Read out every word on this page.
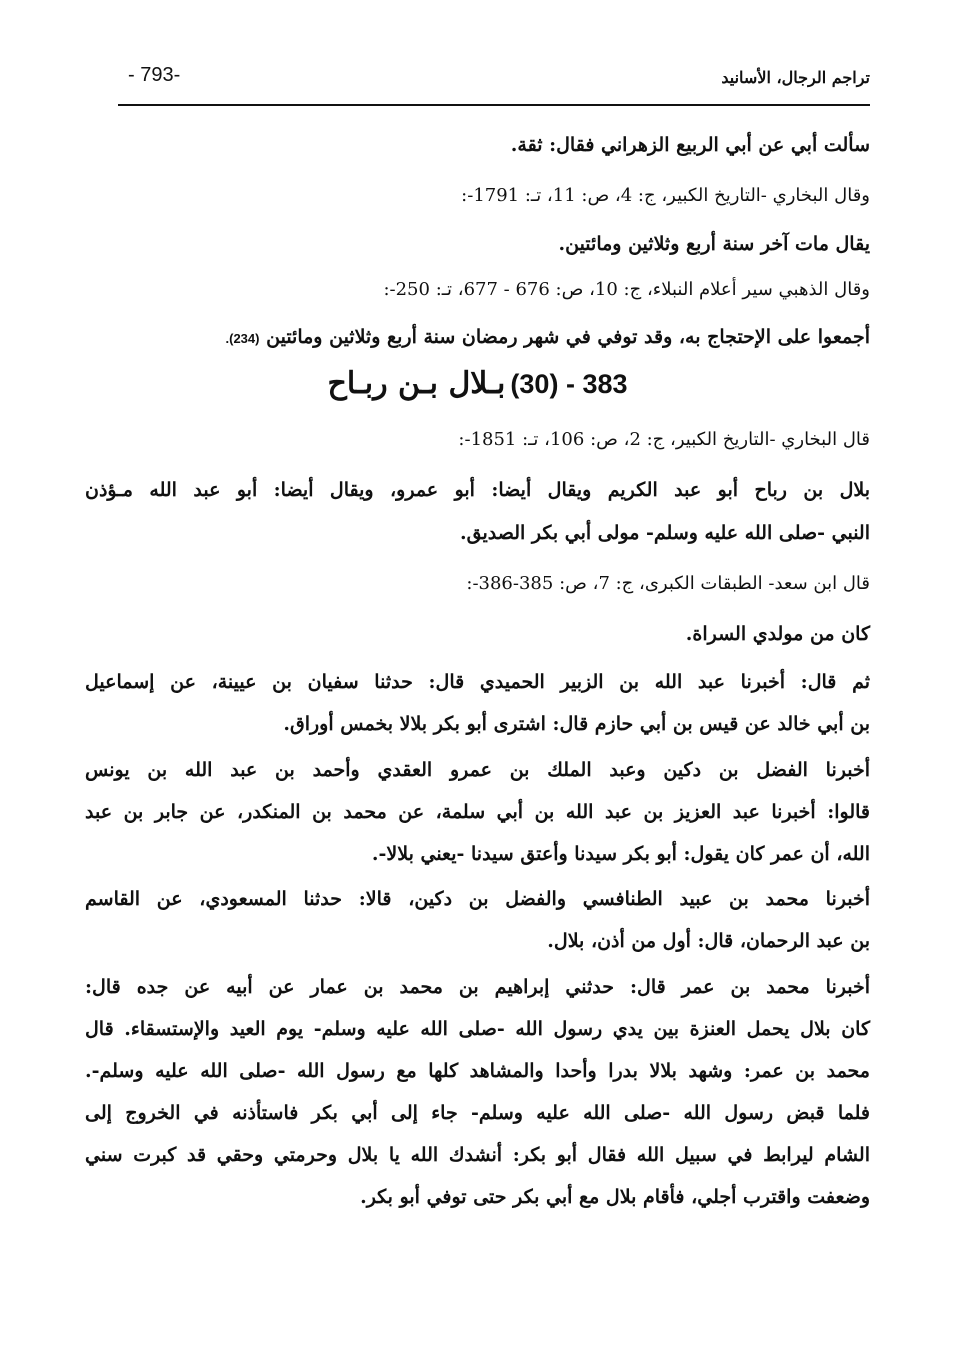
تراجم الرجال، الأسانيد
- 793-
سألت أبي عن أبي الربيع الزهراني فقال: ثقة.
وقال البخاري -التاريخ الكبير، ج: 4، ص: 11، تـ: 1791-:
يقال مات آخر سنة أربع وثلاثين ومائتين.
وقال الذهبي سير أعلام النبلاء، ج: 10، ص: 676 - 677، تـ: 250-:
أجمعوا على الإحتجاج به، وقد توفي في شهر رمضان سنة أربع وثلاثين ومائتين (234).
383 - (30) بـلال بـن ربـاح
قال البخاري -التاريخ الكبير، ج: 2، ص: 106، تـ: 1851-:
بلال بن رباح أبو عبد الكريم ويقال أيضا: أبو عمرو، ويقال أيضا: أبو عبد الله مـؤذن
النبي -صلى الله عليه وسلم- مولى أبي بكر الصديق.
قال ابن سعد- الطبقات الكبرى، ج: 7، ص: 385-386-:
كان من مولدي السراة.
ثم قال: أخبرنا عبد الله بن الزبير الحميدي قال: حدثنا سفيان بن عيينة، عن إسماعيل
بن أبي خالد عن قيس بن أبي حازم قال: اشترى أبو بكر بلالا بخمس أوراق.
أخبرنا الفضل بن دكين وعبد الملك بن عمرو العقدي وأحمد بن عبد الله بن يونس
قالوا: أخبرنا عبد العزيز بن عبد الله بن أبي سلمة، عن محمد بن المنكدر، عن جابر بن عبد
الله، أن عمر كان يقول: أبو بكر سيدنا وأعتق سيدنا -يعني بلالا-.
أخبرنا محمد بن عبيد الطنافسي والفضل بن دكين، قالا: حدثنا المسعودي، عن القاسم
بن عبد الرحمان، قال: أول من أذن، بلال.
أخبرنا محمد بن عمر قال: حدثني إبراهيم بن محمد بن عمار عن أبيه عن جده قال:
كان بلال يحمل العنزة بين يدي رسول الله -صلى الله عليه وسلم- يوم العيد والإستسقاء. قال
محمد بن عمر: وشهد بلالا بدرا وأحدا والمشاهد كلها مع رسول الله -صلى الله عليه وسلم-.
فلما قبض رسول الله -صلى الله عليه وسلم- جاء إلى أبي بكر فاستأذنه في الخروج إلى
الشام ليرابط في سبيل الله فقال أبو بكر: أنشدك الله يا بلال وحرمتي وحقي قد كبرت سني
وضعفت واقترب أجلي، فأقام بلال مع أبي بكر حتى توفي أبو بكر.
